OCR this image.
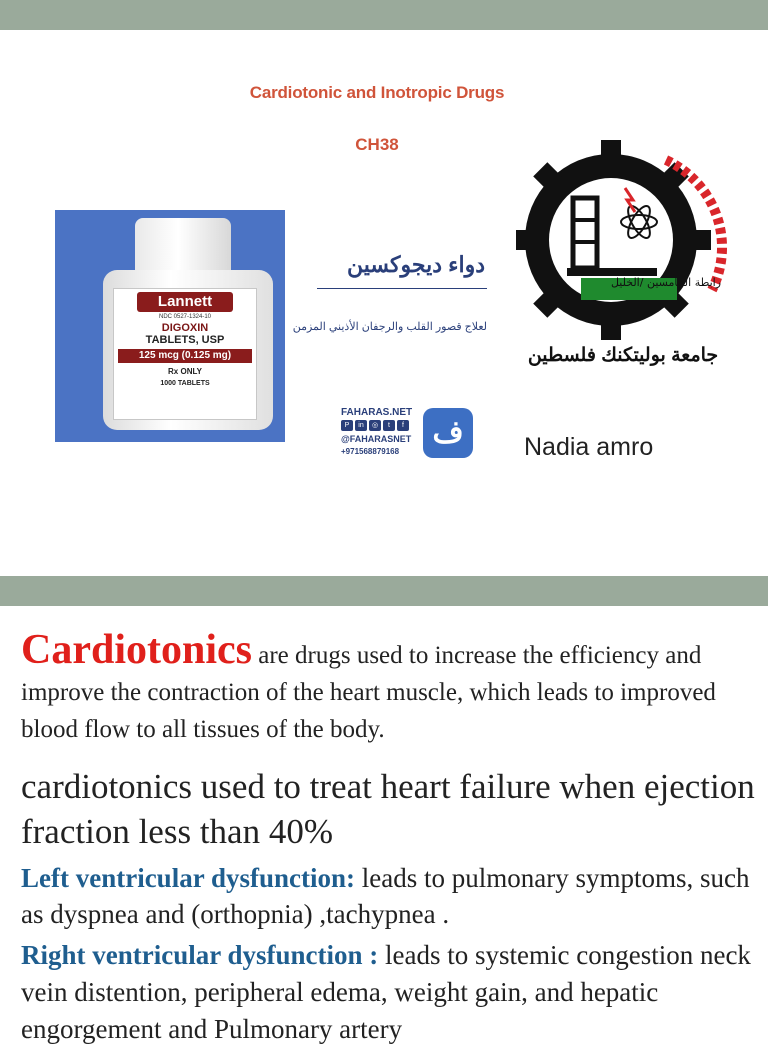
Cardiotonic and Inotropic Drugs
CH38
Lannett
NDC 0527-1324-10
DIGOXIN
TABLETS, USP
125 mcg (0.125 mg)
Rx ONLY
1000 TABLETS
دواء ديجوكسين
لعلاج قصور القلب والرجفان الأذيني المزمن
FAHARAS.NET
P	in	◎	t	f
@FAHARASNET
+971568879168
ف
رابطة الخامسين /الخليل
جامعة بوليتكنك فلسطين
Nadia amro
Cardiotonics are drugs used to increase the efficiency and improve the contraction of the heart muscle, which leads to improved blood flow to all tissues of the body.
cardiotonics used to treat heart failure when ejection fraction less than 40%
Left ventricular dysfunction: leads to pulmonary symptoms, such as dyspnea and (orthopnia) ,tachypnea .
Right ventricular dysfunction : leads to systemic congestion neck vein distention, peripheral edema, weight gain, and hepatic engorgement and Pulmonary artery
